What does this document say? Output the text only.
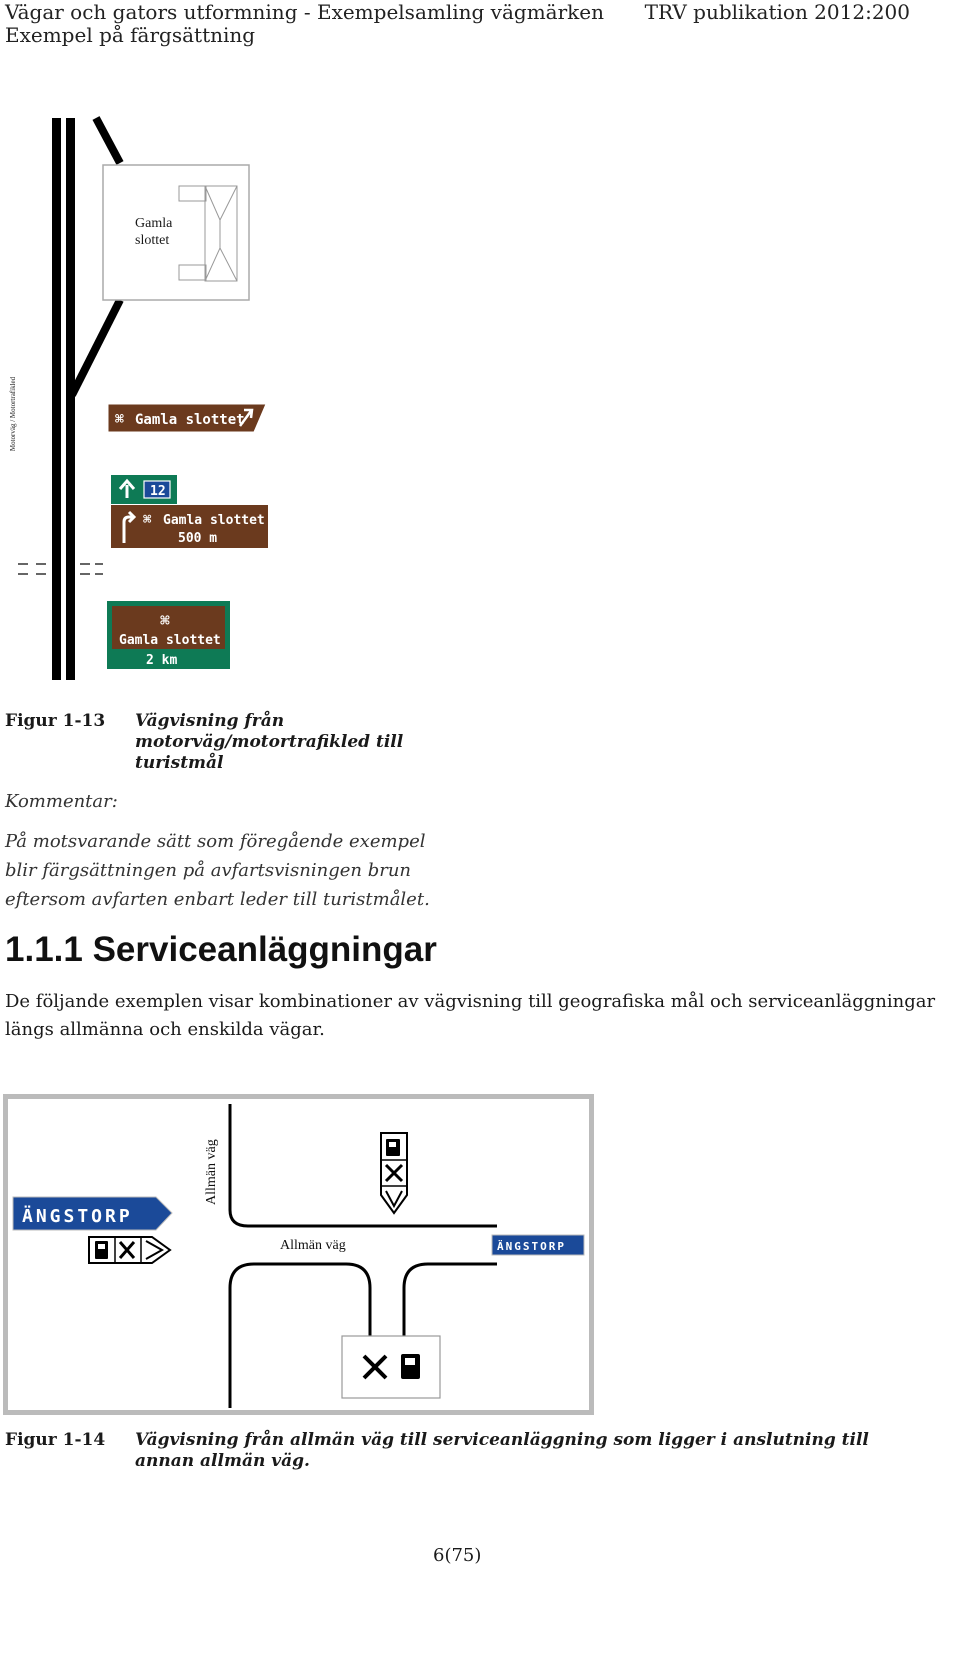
Vägar och gators utformning - Exempelsamling vägmärken
Exempel på färgsättning
TRV publikation 2012:200
⌘ Gamla slottet
12
⌘ Gamla slottet
500 m
⌘
Gamla slottet
2 km
Gamla
slottet
Motorväg / Motortrafikled
Figur 1-13 Vägvisning från
motorväg/motortrafikled till
turistmål
Kommentar:
På motsvarande sätt som föregående exempel
blir färgsättningen på avfartsvisningen brun
eftersom avfarten enbart leder till turistmålet.
1.1.1 Serviceanläggningar
De följande exemplen visar kombinationer av vägvisning till geografiska mål och serviceanläggningar
längs allmänna och enskilda vägar.
Allmän väg
Allmän väg
ÄNGSTORP
ÄNGSTORP
Figur 1-14 Vägvisning från allmän väg till serviceanläggning som ligger i anslutning till
annan allmän väg.
6(75)
